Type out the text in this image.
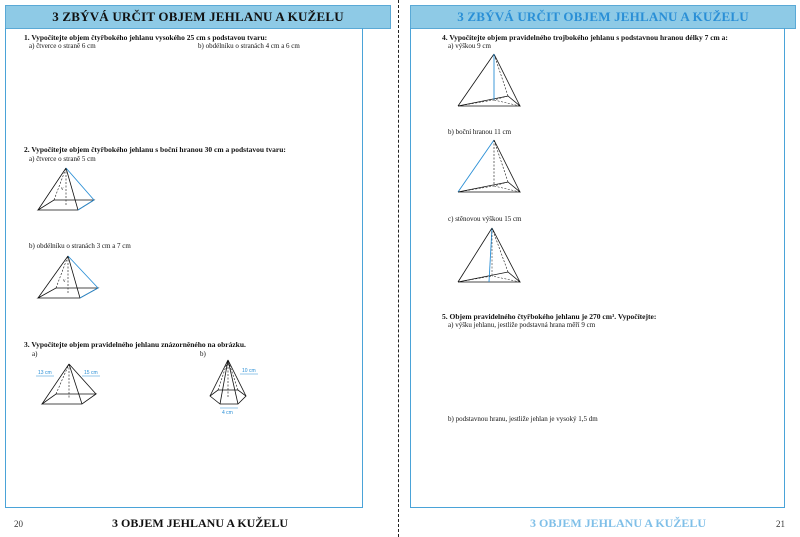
3 ZBÝVÁ URČIT OBJEM JEHLANU A KUŽELU
1. Vypočítejte objem čtyřbokého jehlanu vysokého 25 cm s podstavou tvaru:
a) čtverce o straně 6 cm	b) obdélníku o stranách 4 cm a 6 cm
2. Vypočítejte objem čtyřbokého jehlanu s boční hranou 30 cm a podstavou tvaru:
a) čtverce o straně 5 cm
v
b) obdélníku o stranách 3 cm a 7 cm
v
3. Vypočítejte objem pravidelného jehlanu znázorněného na obrázku.
a)	b)
13 cm	15 cm	10 cm
4 cm
20	3 OBJEM JEHLANU A KUŽELU
3 ZBÝVÁ URČIT OBJEM JEHLANU A KUŽELU
4. Vypočítejte objem pravidelného trojbokého jehlanu s podstavnou hranou délky 7 cm a:
a) výškou 9 cm
b) boční hranou 11 cm
c) stěnovou výškou 15 cm
5. Objem pravidelného čtyřbokého jehlanu je 270 cm³. Vypočítejte:
a) výšku jehlanu, jestliže podstavná hrana měří 9 cm
b) podstavnou hranu, jestliže jehlan je vysoký 1,5 dm
21
3 OBJEM JEHLANU A KUŽELU
